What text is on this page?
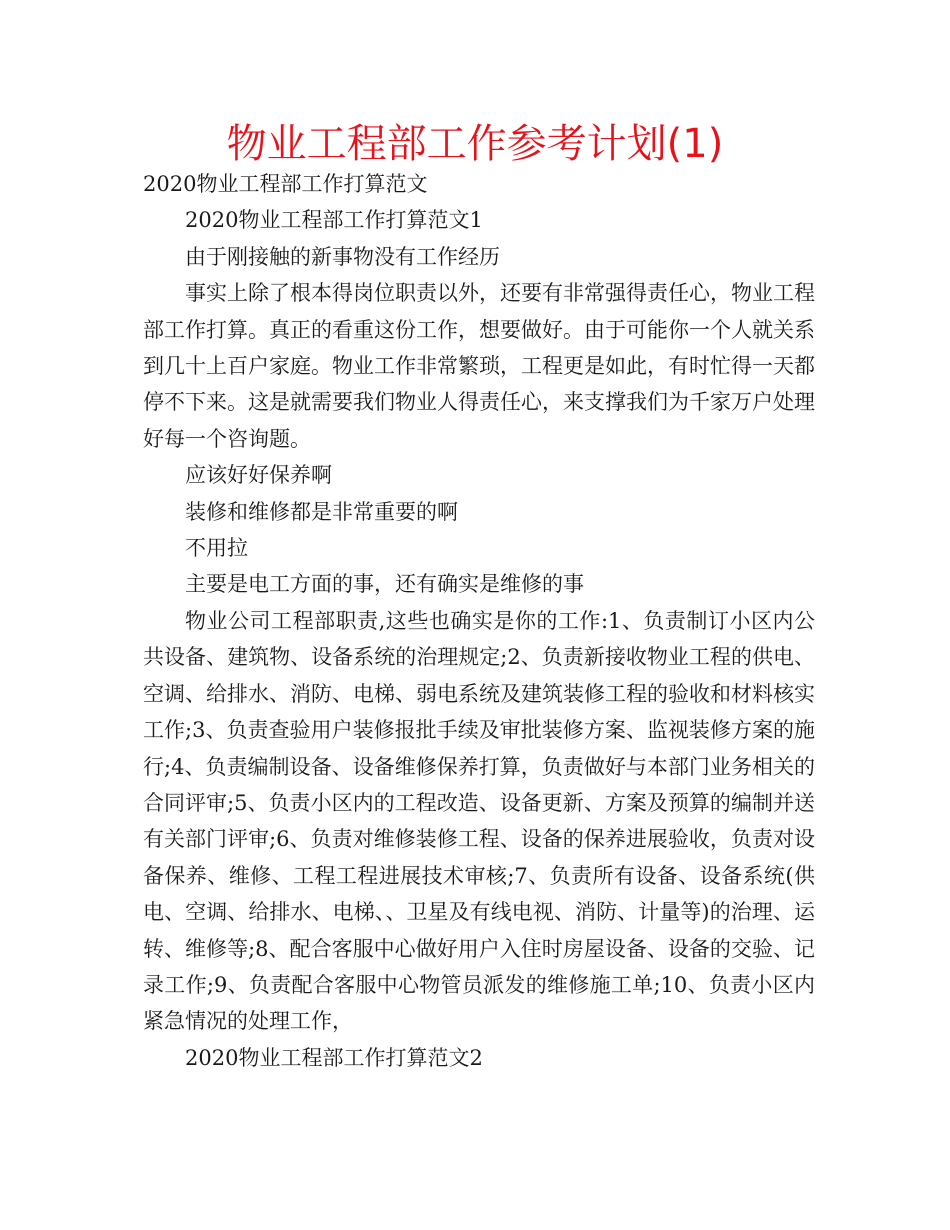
物业工程部工作参考计划(1)

2020物业工程部工作打算范文

2020物业工程部工作打算范文1

由于刚接触的新事物没有工作经历

事实上除了根本得岗位职责以外，还要有非常强得责任心，物业工程部工作打算。真正的看重这份工作，想要做好。由于可能你一个人就关系到几十上百户家庭。物业工作非常繁琐，工程更是如此，有时忙得一天都停不下来。这是就需要我们物业人得责任心，来支撑我们为千家万户处理好每一个咨询题。

应该好好保养啊

装修和维修都是非常重要的啊

不用拉

主要是电工方面的事，还有确实是维修的事

物业公司工程部职责,这些也确实是你的工作:1、负责制订小区内公共设备、建筑物、设备系统的治理规定;2、负责新接收物业工程的供电、空调、给排水、消防、电梯、弱电系统及建筑装修工程的验收和材料核实工作;3、负责查验用户装修报批手续及审批装修方案、监视装修方案的施行;4、负责编制设备、设备维修保养打算，负责做好与本部门业务相关的合同评审;5、负责小区内的工程改造、设备更新、方案及预算的编制并送有关部门评审;6、负责对维修装修工程、设备的保养进展验收，负责对设备保养、维修、工程工程进展技术审核;7、负责所有设备、设备系统(供电、空调、给排水、电梯、、卫星及有线电视、消防、计量等)的治理、运转、维修等;8、配合客服中心做好用户入住时房屋设备、设备的交验、记录工作;9、负责配合客服中心物管员派发的维修施工单;10、负责小区内紧急情况的处理工作，

2020物业工程部工作打算范文2
